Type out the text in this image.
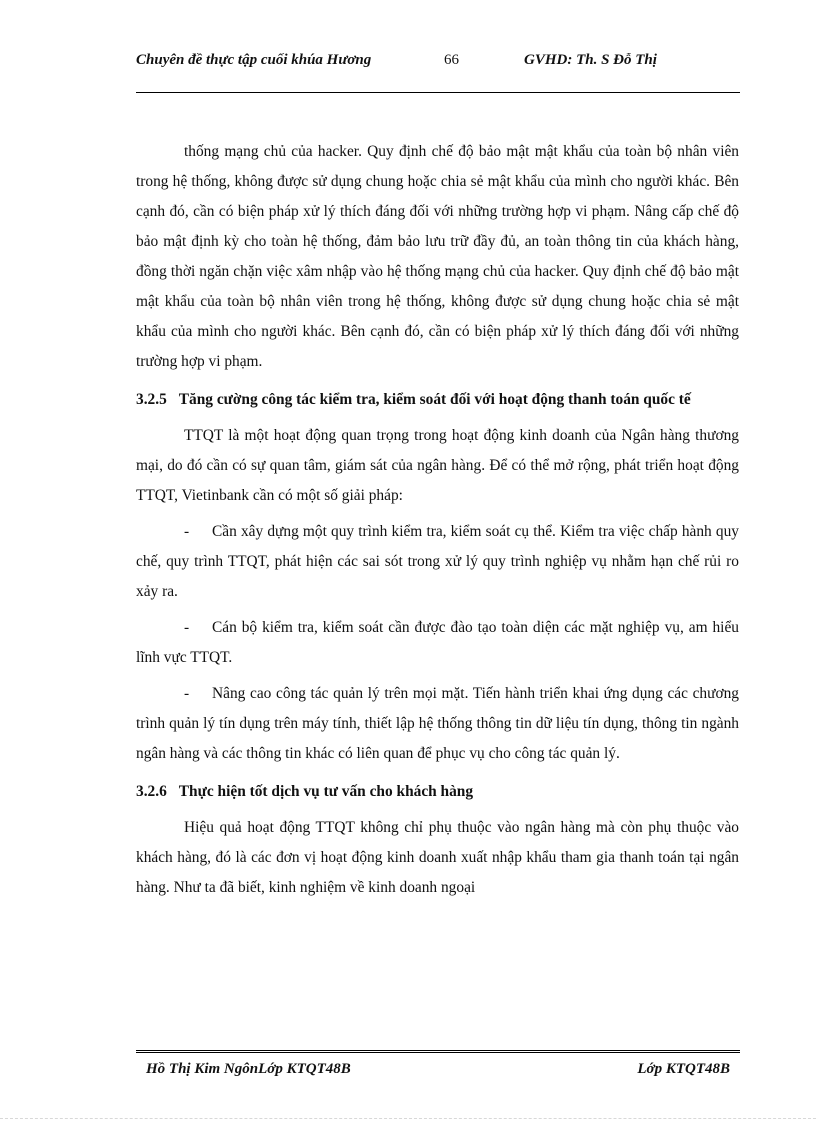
Chuyên đề thực tập cuối khúa Hương	66	GVHD: Th. S Đỗ Thị

thống mạng chủ của hacker. Quy định chế độ bảo mật mật khẩu của toàn bộ nhân viên trong hệ thống, không được sử dụng chung hoặc chia sẻ mật khẩu của mình cho người khác. Bên cạnh đó, cần có biện pháp xử lý thích đáng đối với những trường hợp vi phạm. Nâng cấp chế độ bảo mật định kỳ cho toàn hệ thống, đảm bảo lưu trữ đầy đủ, an toàn thông tin của khách hàng, đồng thời ngăn chặn việc xâm nhập vào hệ thống mạng chủ của hacker. Quy định chế độ bảo mật mật khẩu của toàn bộ nhân viên trong hệ thống, không được sử dụng chung hoặc chia sẻ mật khẩu của mình cho người khác. Bên cạnh đó, cần có biện pháp xử lý thích đáng đối với những trường hợp vi phạm.

3.2.5 Tăng cường công tác kiểm tra, kiểm soát đối với hoạt động thanh toán quốc tế

TTQT là một hoạt động quan trọng trong hoạt động kinh doanh của Ngân hàng thương mại, do đó cần có sự quan tâm, giám sát của ngân hàng. Để có thể mở rộng, phát triển hoạt động TTQT, Vietinbank cần có một số giải pháp:

- Cần xây dựng một quy trình kiểm tra, kiểm soát cụ thể. Kiểm tra việc chấp hành quy chế, quy trình TTQT, phát hiện các sai sót trong xử lý quy trình nghiệp vụ nhằm hạn chế rủi ro xảy ra.

- Cán bộ kiểm tra, kiểm soát cần được đào tạo toàn diện các mặt nghiệp vụ, am hiểu lĩnh vực TTQT.

- Nâng cao công tác quản lý trên mọi mặt. Tiến hành triển khai ứng dụng các chương trình quản lý tín dụng trên máy tính, thiết lập hệ thống thông tin dữ liệu tín dụng, thông tin ngành ngân hàng và các thông tin khác có liên quan để phục vụ cho công tác quản lý.

3.2.6 Thực hiện tốt dịch vụ tư vấn cho khách hàng

Hiệu quả hoạt động TTQT không chỉ phụ thuộc vào ngân hàng mà còn phụ thuộc vào khách hàng, đó là các đơn vị hoạt động kinh doanh xuất nhập khẩu tham gia thanh toán tại ngân hàng. Như ta đã biết, kinh nghiệm về kinh doanh ngoại

Hồ Thị Kim NgônLớp KTQT48B	Lớp KTQT48B
